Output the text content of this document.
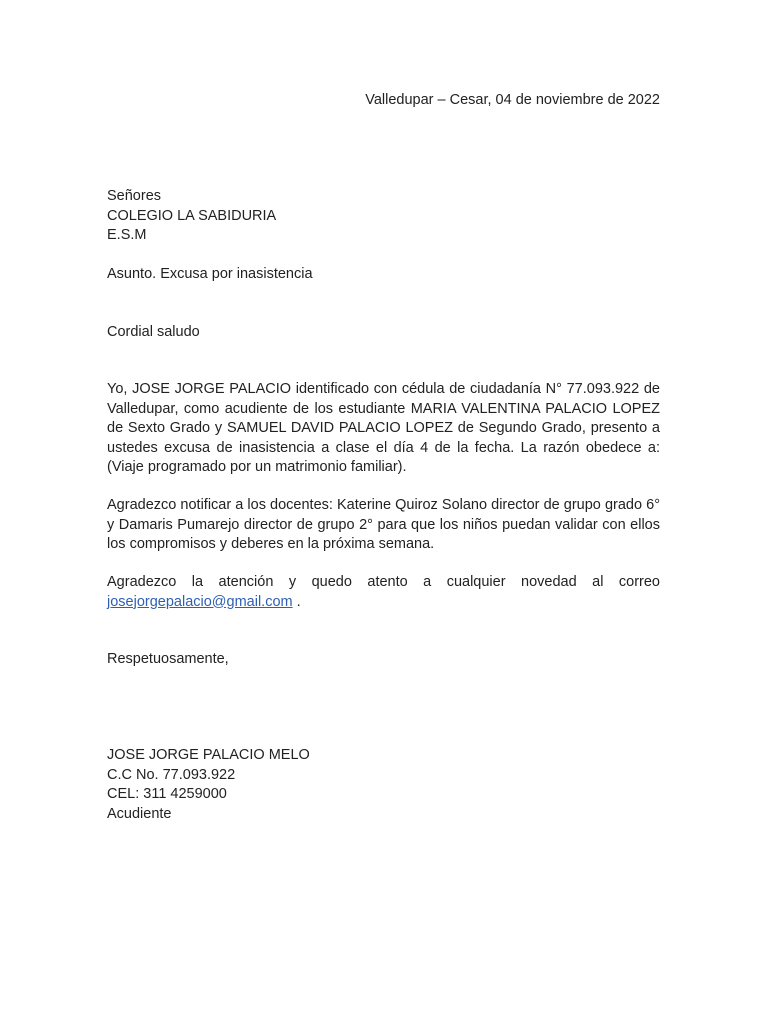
Valledupar – Cesar, 04 de noviembre de 2022
Señores
COLEGIO LA SABIDURIA
E.S.M
Asunto. Excusa por inasistencia
Cordial saludo
Yo, JOSE JORGE PALACIO identificado con cédula de ciudadanía N° 77.093.922 de Valledupar, como acudiente de los estudiante MARIA VALENTINA PALACIO LOPEZ de Sexto Grado y SAMUEL DAVID PALACIO LOPEZ de Segundo Grado, presento a ustedes excusa de inasistencia a clase el día 4 de la fecha. La razón obedece a: (Viaje programado por un matrimonio familiar).
Agradezco notificar a los docentes: Katerine Quiroz Solano director de grupo grado 6° y Damaris Pumarejo director de grupo 2° para que los niños puedan validar con ellos los compromisos y deberes en la próxima semana.
Agradezco la atención y quedo atento a cualquier novedad al correo josejorgepalacio@gmail.com .
Respetuosamente,
JOSE JORGE PALACIO MELO
C.C No. 77.093.922
CEL: 311 4259000
Acudiente
